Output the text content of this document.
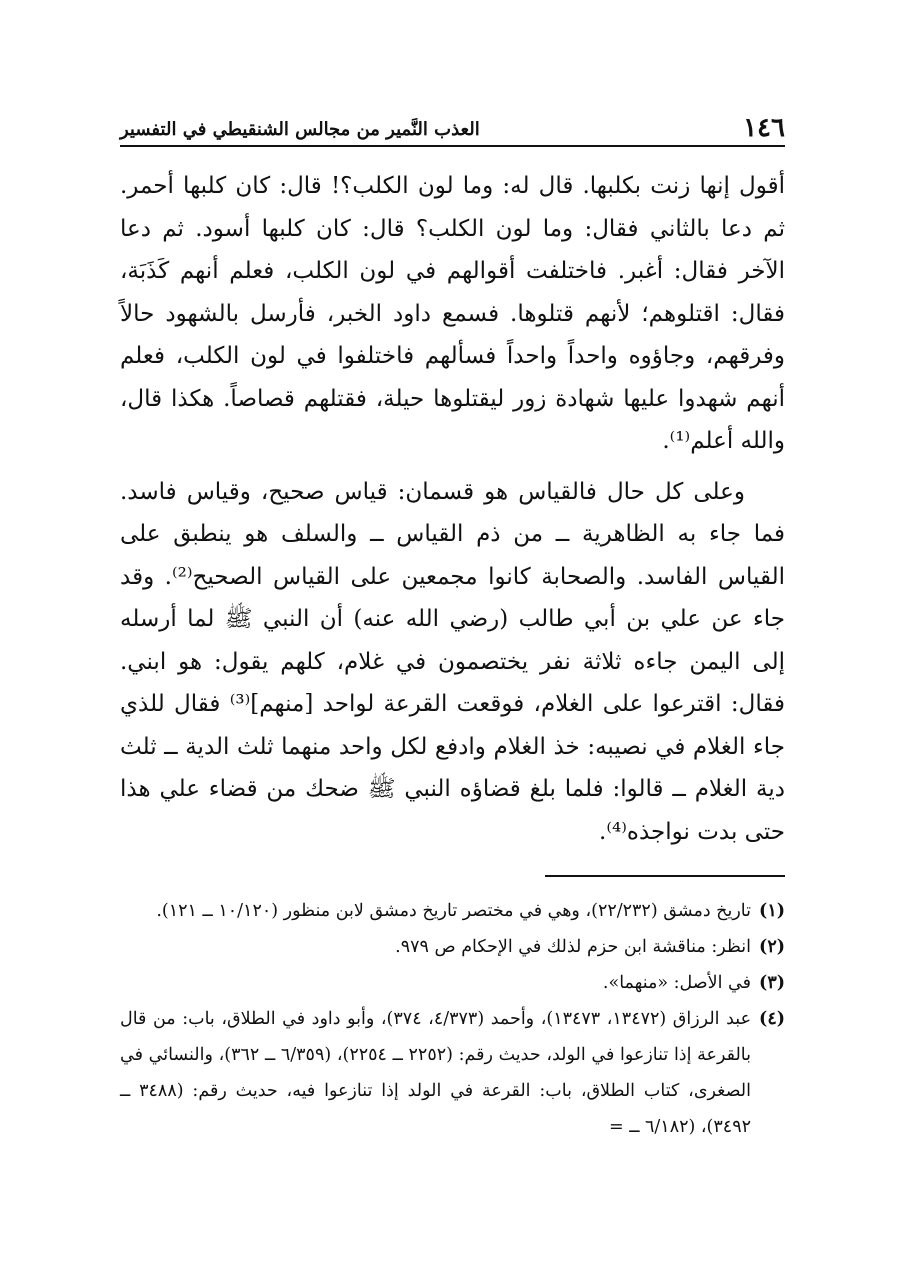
١٤٦
العذب النَّمير من مجالس الشنقيطي في التفسير

أقول إنها زنت بكلبها. قال له: وما لون الكلب؟! قال: كان كلبها أحمر. ثم دعا بالثاني فقال: وما لون الكلب؟ قال: كان كلبها أسود. ثم دعا الآخر فقال: أغبر. فاختلفت أقوالهم في لون الكلب، فعلم أنهم كَذَبَة، فقال: اقتلوهم؛ لأنهم قتلوها. فسمع داود الخبر، فأرسل بالشهود حالاً وفرقهم، وجاؤوه واحداً واحداً فسألهم فاختلفوا في لون الكلب، فعلم أنهم شهدوا عليها شهادة زور ليقتلوها حيلة، فقتلهم قصاصاً. هكذا قال، والله أعلم⁽¹⁾.

وعلى كل حال فالقياس هو قسمان: قياس صحيح، وقياس فاسد. فما جاء به الظاهرية ــ من ذم القياس ــ والسلف هو ينطبق على القياس الفاسد. والصحابة كانوا مجمعين على القياس الصحيح⁽²⁾. وقد جاء عن علي بن أبي طالب (رضي الله عنه) أن النبي ﷺ لما أرسله إلى اليمن جاءه ثلاثة نفر يختصمون في غلام، كلهم يقول: هو ابني. فقال: اقترعوا على الغلام، فوقعت القرعة لواحد [منهم]⁽³⁾ فقال للذي جاء الغلام في نصيبه: خذ الغلام وادفع لكل واحد منهما ثلث الدية ــ ثلث دية الغلام ــ قالوا: فلما بلغ قضاؤه النبي ﷺ ضحك من قضاء علي هذا حتى بدت نواجذه⁽⁴⁾.

(١)
تاريخ دمشق (٢٢/٢٣٢)، وهي في مختصر تاريخ دمشق لابن منظور (١٠/١٢٠ ــ ١٢١).
(٢)
انظر: مناقشة ابن حزم لذلك في الإحكام ص ٩٧٩.
(٣)
في الأصل: «منهما».
(٤)
عبد الرزاق (١٣٤٧٢، ١٣٤٧٣)، وأحمد (٤/٣٧٣، ٣٧٤)، وأبو داود في الطلاق، باب: من قال بالقرعة إذا تنازعوا في الولد، حديث رقم: (٢٢٥٢ ــ ٢٢٥٤)، (٦/٣٥٩ ــ ٣٦٢)، والنسائي في الصغرى، كتاب الطلاق، باب: القرعة في الولد إذا تنازعوا فيه، حديث رقم: (٣٤٨٨ ــ ٣٤٩٢)، (٦/١٨٢ ــ =
